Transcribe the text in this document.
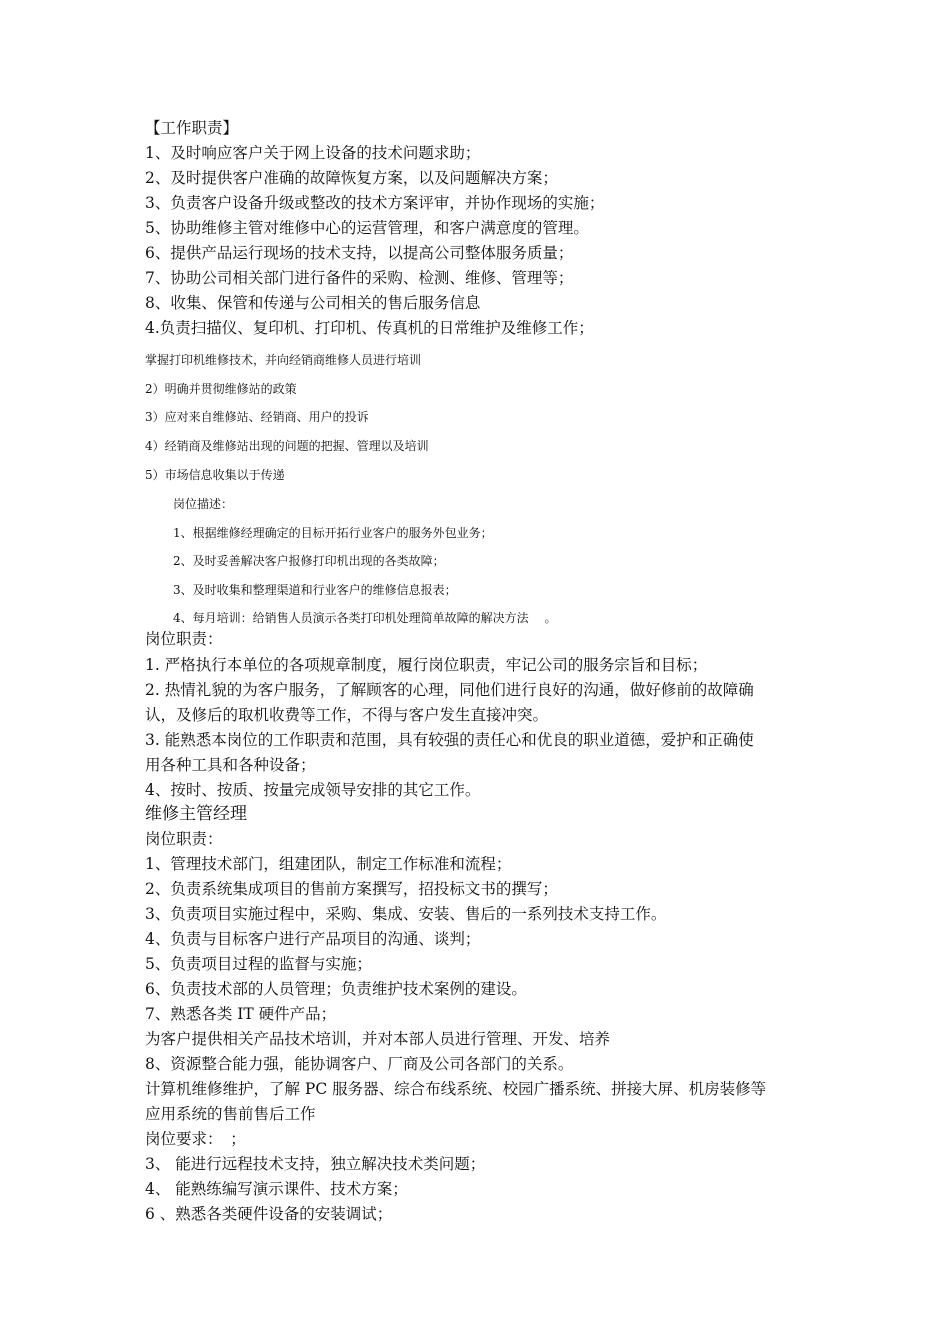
【工作职责】
1、及时响应客户关于网上设备的技术问题求助；
2、及时提供客户准确的故障恢复方案，以及问题解决方案；
3、负责客户设备升级或整改的技术方案评审，并协作现场的实施；
5、协助维修主管对维修中心的运营管理，和客户满意度的管理。
6、提供产品运行现场的技术支持，以提高公司整体服务质量；
7、协助公司相关部门进行备件的采购、检测、维修、管理等；
8、收集、保管和传递与公司相关的售后服务信息
4.负责扫描仪、复印机、打印机、传真机的日常维护及维修工作；
掌握打印机维修技术，并向经销商维修人员进行培训
2）明确并贯彻维修站的政策
3）应对来自维修站、经销商、用户的投诉
4）经销商及维修站出现的问题的把握、管理以及培训
5）市场信息收集以于传递
岗位描述：
1、根据维修经理确定的目标开拓行业客户的服务外包业务；
2、及时妥善解决客户报修打印机出现的各类故障；
3、及时收集和整理渠道和行业客户的维修信息报表；
4、每月培训：给销售人员演示各类打印机处理简单故障的解决方法　 。
岗位职责：
1. 严格执行本单位的各项规章制度，履行岗位职责，牢记公司的服务宗旨和目标；
2. 热情礼貌的为客户服务，了解顾客的心理，同他们进行良好的沟通，做好修前的故障确
认，及修后的取机收费等工作，不得与客户发生直接冲突。
3. 能熟悉本岗位的工作职责和范围，具有较强的责任心和优良的职业道德，爱护和正确使
用各种工具和各种设备；
4、按时、按质、按量完成领导安排的其它工作。
维修主管经理
岗位职责：
1、管理技术部门，组建团队，制定工作标准和流程；
2、负责系统集成项目的售前方案撰写，招投标文书的撰写；
3、负责项目实施过程中，采购、集成、安装、售后的一系列技术支持工作。
4、负责与目标客户进行产品项目的沟通、谈判；
5、负责项目过程的监督与实施；
6、负责技术部的人员管理；负责维护技术案例的建设。
7、熟悉各类 IT 硬件产品；
为客户提供相关产品技术培训，并对本部人员进行管理、开发、培养
8、资源整合能力强，能协调客户、厂商及公司各部门的关系。
计算机维修维护，了解 PC 服务器、综合布线系统、校园广播系统、拼接大屏、机房装修等
应用系统的售前售后工作
岗位要求：　；
3、 能进行远程技术支持，独立解决技术类问题；
4、 能熟练编写演示课件、技术方案；
6 、熟悉各类硬件设备的安装调试；
